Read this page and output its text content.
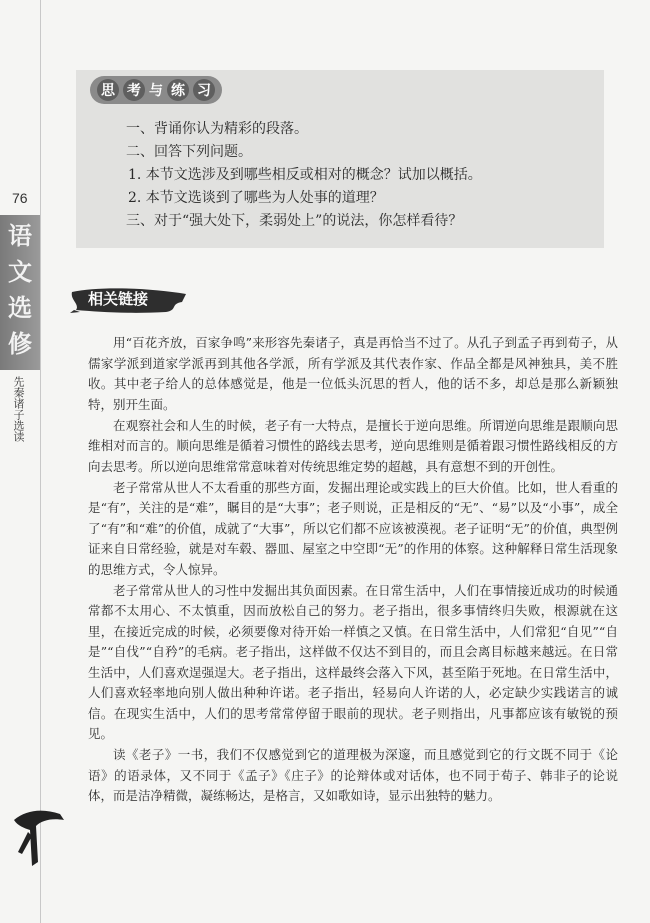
76
语
文
选
修
先秦诸子选读
思 考 与 练 习
一、背诵你认为精彩的段落。
二、回答下列问题。
1. 本节文选涉及到哪些相反或相对的概念？试加以概括。
2. 本节文选谈到了哪些为人处事的道理？
三、对于“强大处下，柔弱处上”的说法，你怎样看待？
相关链接

用“百花齐放，百家争鸣”来形容先秦诸子，真是再恰当不过了。从孔子到孟子再到荀子，从儒家学派到道家学派再到其他各学派，所有学派及其代表作家、作品全都是风神独具，美不胜收。其中老子给人的总体感觉是，他是一位低头沉思的哲人，他的话不多，却总是那么新颖独特，别开生面。

在观察社会和人生的时候，老子有一大特点，是擅长于逆向思维。所谓逆向思维是跟顺向思维相对而言的。顺向思维是循着习惯性的路线去思考，逆向思维则是循着跟习惯性路线相反的方向去思考。所以逆向思维常常意味着对传统思维定势的超越，具有意想不到的开创性。

老子常常从世人不太看重的那些方面，发掘出理论或实践上的巨大价值。比如，世人看重的是“有”，关注的是“难”，瞩目的是“大事”；老子则说，正是相反的“无”、“易”以及“小事”，成全了“有”和“难”的价值，成就了“大事”，所以它们都不应该被漠视。老子证明“无”的价值，典型例证来自日常经验，就是对车毂、器皿、屋室之中空即“无”的作用的体察。这种解释日常生活现象的思维方式，令人惊异。

老子常常从世人的习性中发掘出其负面因素。在日常生活中，人们在事情接近成功的时候通常都不太用心、不太慎重，因而放松自己的努力。老子指出，很多事情终归失败，根源就在这里，在接近完成的时候，必须要像对待开始一样慎之又慎。在日常生活中，人们常犯“自见”“自是”“自伐”“自矜”的毛病。老子指出，这样做不仅达不到目的，而且会离目标越来越远。在日常生活中，人们喜欢逞强逞大。老子指出，这样最终会落入下风，甚至陷于死地。在日常生活中，人们喜欢轻率地向别人做出种种许诺。老子指出，轻易向人许诺的人，必定缺少实践诺言的诚信。在现实生活中，人们的思考常常停留于眼前的现状。老子则指出，凡事都应该有敏锐的预见。

读《老子》一书，我们不仅感觉到它的道理极为深邃，而且感觉到它的行文既不同于《论语》的语录体，又不同于《孟子》《庄子》的论辩体或对话体，也不同于荀子、韩非子的论说体，而是洁净精微，凝练畅达，是格言，又如歌如诗，显示出独特的魅力。
